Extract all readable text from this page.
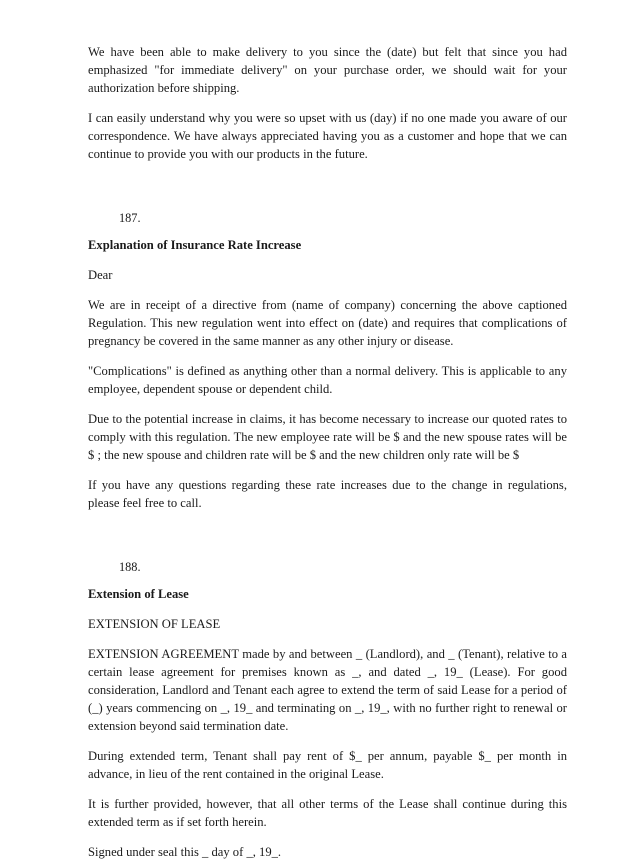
We have been able to make delivery to you since the (date) but felt that since you had emphasized "for immediate delivery" on your purchase order, we should wait for your authorization before shipping.

I can easily understand why you were so upset with us (day) if no one made you aware of our correspondence. We have always appreciated having you as a customer and hope that we can continue to provide you with our products in the future.

187.

Explanation of Insurance Rate Increase

Dear

We are in receipt of a directive from (name of company) concerning the above captioned Regulation. This new regulation went into effect on (date) and requires that complications of pregnancy be covered in the same manner as any other injury or disease.

"Complications" is defined as anything other than a normal delivery. This is applicable to any employee, dependent spouse or dependent child.

Due to the potential increase in claims, it has become necessary to increase our quoted rates to comply with this regulation. The new employee rate will be $ and the new spouse rates will be $ ; the new spouse and children rate will be $ and the new children only rate will be $

If you have any questions regarding these rate increases due to the change in regulations, please feel free to call.

188.

Extension of Lease

EXTENSION OF LEASE

EXTENSION AGREEMENT made by and between _ (Landlord), and _ (Tenant), relative to a certain lease agreement for premises known as _, and dated _, 19_ (Lease). For good consideration, Landlord and Tenant each agree to extend the term of said Lease for a period of (_) years commencing on _, 19_ and terminating on _, 19_, with no further right to renewal or extension beyond said termination date.

During extended term, Tenant shall pay rent of $_ per annum, payable $_ per month in advance, in lieu of the rent contained in the original Lease.

It is further provided, however, that all other terms of the Lease shall continue during this extended term as if set forth herein.

Signed under seal this _ day of _, 19_.
